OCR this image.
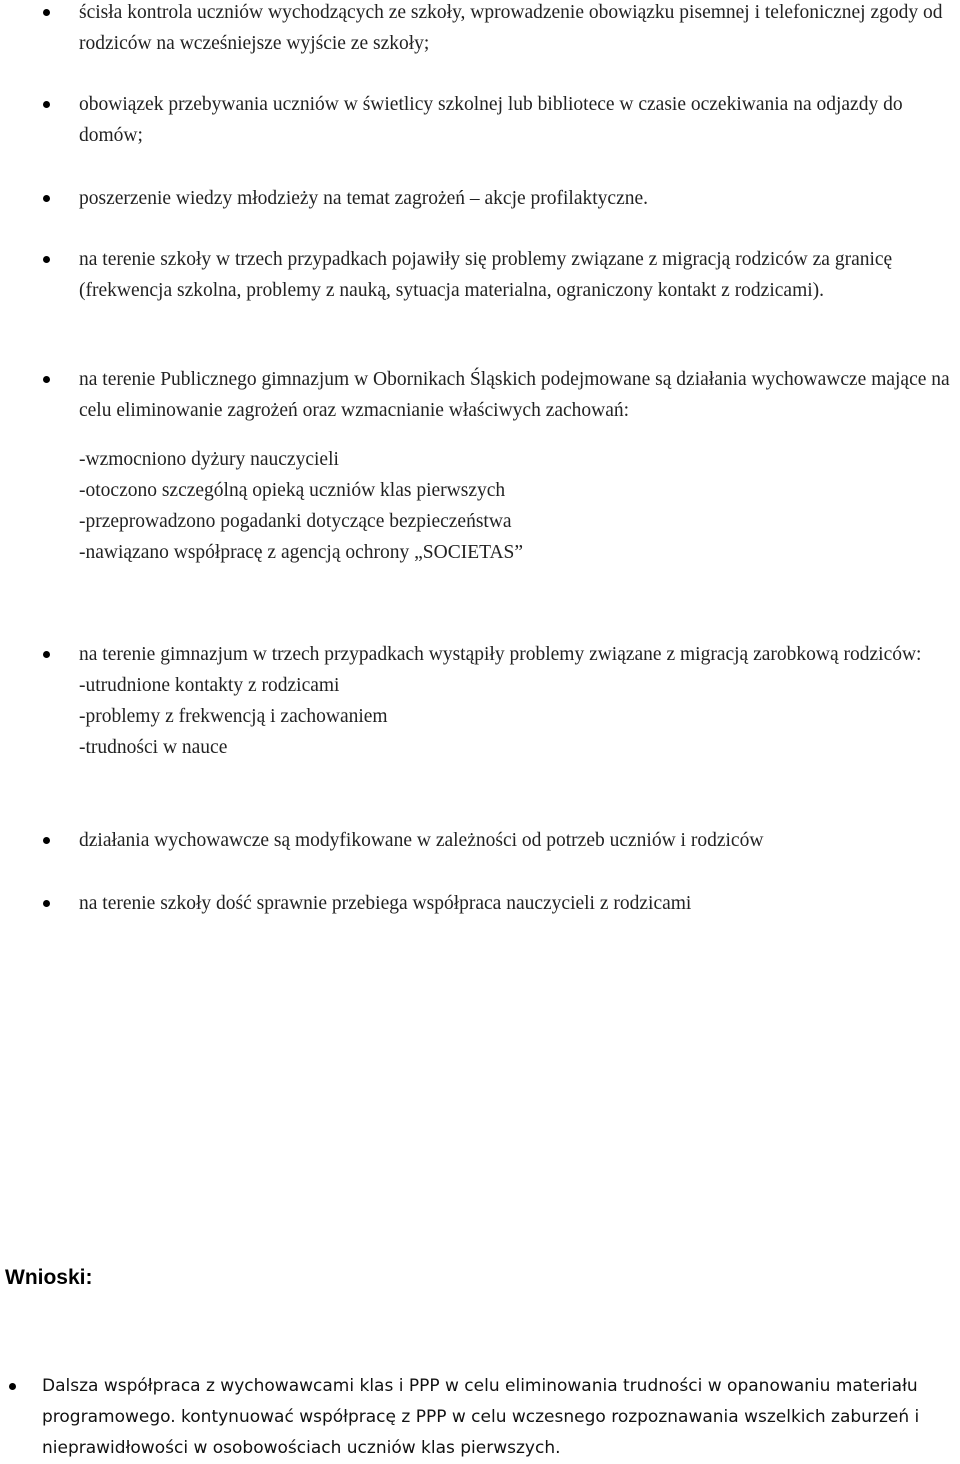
ścisła kontrola uczniów wychodzących ze szkoły, wprowadzenie obowiązku pisemnej i telefonicznej zgody od rodziców na wcześniejsze wyjście ze szkoły;
obowiązek przebywania uczniów w świetlicy szkolnej lub bibliotece w czasie oczekiwania na odjazdy do domów;
poszerzenie wiedzy młodzieży na temat zagrożeń – akcje profilaktyczne.
na terenie szkoły w trzech przypadkach pojawiły się problemy związane z migracją rodziców za granicę (frekwencja szkolna, problemy z nauką, sytuacja materialna, ograniczony kontakt z rodzicami).
na terenie Publicznego gimnazjum w Obornikach Śląskich podejmowane są działania wychowawcze mające na celu eliminowanie zagrożeń oraz wzmacnianie właściwych zachowań:
-wzmocniono dyżury nauczycieli
-otoczono szczególną opieką uczniów klas pierwszych
-przeprowadzono pogadanki dotyczące bezpieczeństwa
-nawiązano współpracę z agencją ochrony „SOCIETAS”
na terenie gimnazjum w trzech przypadkach wystąpiły problemy związane z migracją zarobkową rodziców:
-utrudnione kontakty z rodzicami
-problemy z frekwencją i zachowaniem
-trudności w nauce
działania wychowawcze są modyfikowane w zależności od potrzeb uczniów i rodziców
na terenie szkoły dość sprawnie przebiega współpraca nauczycieli z rodzicami
Wnioski:
Dalsza współpraca z wychowawcami klas i PPP w celu eliminowania trudności w opanowaniu materiału programowego. kontynuować współpracę z PPP w celu wczesnego rozpoznawania wszelkich zaburzeń i nieprawidłowości w osobowościach uczniów klas pierwszych.
